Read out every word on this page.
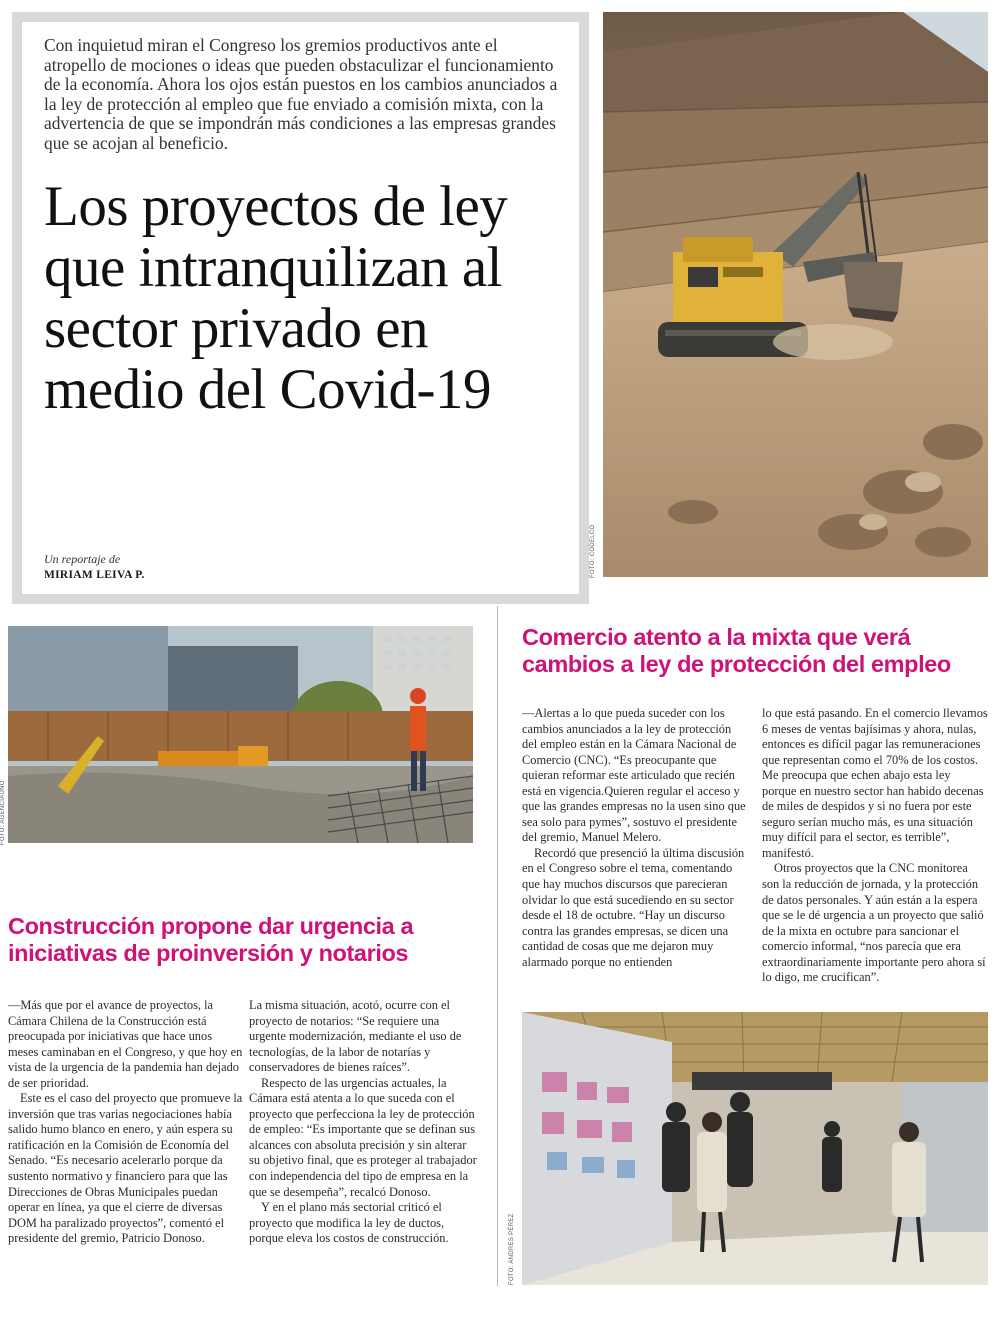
Con inquietud miran el Congreso los gremios productivos ante el atropello de mociones o ideas que pueden obstaculizar el funcionamiento de la economía. Ahora los ojos están puestos en los cambios anunciados a la ley de protección al empleo que fue enviado a comisión mixta, con la advertencia de que se impondrán más condiciones a las empresas grandes que se acojan al beneficio.

Los proyectos de ley que intranquilizan al sector privado en medio del Covid-19
Un reportaje de
MIRIAM LEIVA P.	FOTO: CODELCO
FOTO: AGENCIAUNO
Construcción propone dar urgencia a iniciativas de proinversión y notarios

—Más que por el avance de proyectos, la Cámara Chilena de la Construcción está preocupada por iniciativas que hace unos meses caminaban en el Congreso, y que hoy en vista de la urgencia de la pandemia han dejado de ser prioridad.

Este es el caso del proyecto que promueve la inversión que tras varias negociaciones había salido humo blanco en enero, y aún espera su ratificación en la Comisión de Economía del Senado. “Es necesario acelerarlo porque da sustento normativo y financiero para que las Direcciones de Obras Municipales puedan operar en línea, ya que el cierre de diversas DOM ha paralizado proyectos”, comentó el presidente del gremio, Patricio Donoso.

La misma situación, acotó, ocurre con el proyecto de notarios: “Se requiere una urgente modernización, mediante el uso de tecnologías, de la labor de notarías y conservadores de bienes raíces”.

Respecto de las urgencias actuales, la Cámara está atenta a lo que suceda con el proyecto que perfecciona la ley de protección de empleo: “Es importante que se definan sus alcances con absoluta precisión y sin alterar su objetivo final, que es proteger al trabajador con independencia del tipo de empresa en la que se desempeña”, recalcó Donoso.

Y en el plano más sectorial criticó el proyecto que modifica la ley de ductos, porque eleva los costos de construcción.

Comercio atento a la mixta que verá cambios a ley de protección del empleo

—Alertas a lo que pueda suceder con los cambios anunciados a la ley de protección del empleo están en la Cámara Nacional de Comercio (CNC). “Es preocupante que quieran reformar este articulado que recién está en vigencia.Quieren regular el acceso y que las grandes empresas no la usen sino que sea solo para pymes”, sostuvo el presidente del gremio, Manuel Melero.

Recordó que presenció la última discusión en el Congreso sobre el tema, comentando que hay muchos discursos que parecieran olvidar lo que está sucediendo en su sector desde el 18 de octubre. “Hay un discurso contra las grandes empresas, se dicen una cantidad de cosas que me dejaron muy alarmado porque no entienden

lo que está pasando. En el comercio llevamos 6 meses de ventas bajísimas y ahora, nulas, entonces es difícil pagar las remuneraciones que representan como el 70% de los costos. Me preocupa que echen abajo esta ley porque en nuestro sector han habido decenas de miles de despidos y si no fuera por este seguro serían mucho más, es una situación muy difícil para el sector, es terrible”, manifestó.

Otros proyectos que la CNC monitorea son la reducción de jornada, y la protección de datos personales. Y aún están a la espera que se le dé urgencia a un proyecto que salió de la mixta en octubre para sancionar el comercio informal, “nos parecía que era extraordinariamente importante pero ahora sí lo digo, me crucifican”.

FOTO: ANDRES PÉREZ
